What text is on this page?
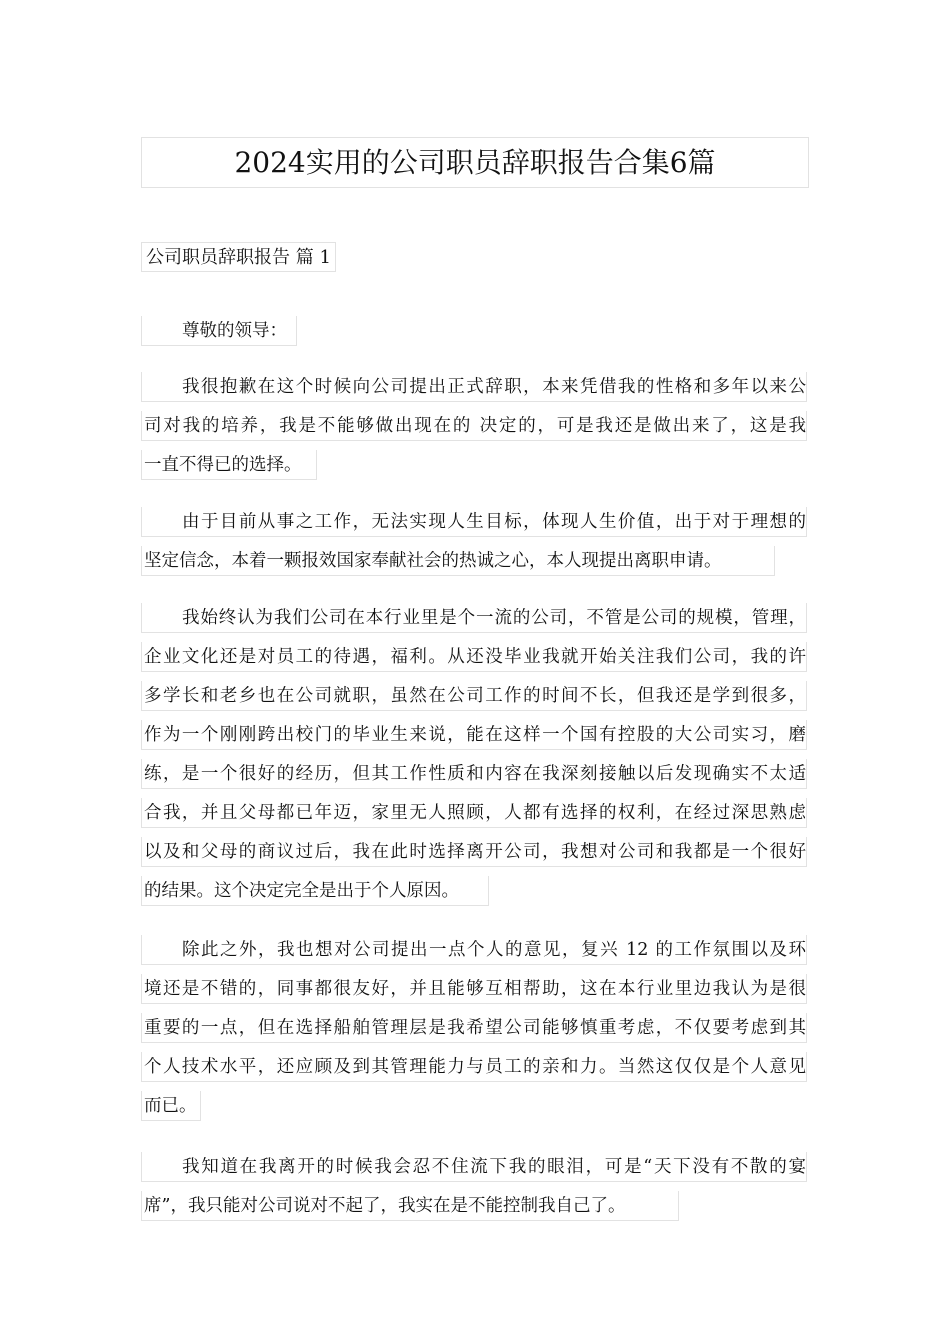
2024实用的公司职员辞职报告合集6篇
公司职员辞职报告 篇 1
尊敬的领导：
我很抱歉在这个时候向公司提出正式辞职，本来凭借我的性格和多年以来公
司对我的培养，我是不能够做出现在的 决定的，可是我还是做出来了，这是我
一直不得已的选择。
由于目前从事之工作，无法实现人生目标，体现人生价值，出于对于理想的
坚定信念，本着一颗报效国家奉献社会的热诚之心，本人现提出离职申请。
我始终认为我们公司在本行业里是个一流的公司，不管是公司的规模，管理，
企业文化还是对员工的待遇，福利。从还没毕业我就开始关注我们公司，我的许
多学长和老乡也在公司就职，虽然在公司工作的时间不长，但我还是学到很多，
作为一个刚刚跨出校门的毕业生来说，能在这样一个国有控股的大公司实习，磨
练，是一个很好的经历，但其工作性质和内容在我深刻接触以后发现确实不太适
合我，并且父母都已年迈，家里无人照顾，人都有选择的权利，在经过深思熟虑
以及和父母的商议过后，我在此时选择离开公司，我想对公司和我都是一个很好
的结果。这个决定完全是出于个人原因。
除此之外，我也想对公司提出一点个人的意见，复兴 12 的工作氛围以及环
境还是不错的，同事都很友好，并且能够互相帮助，这在本行业里边我认为是很
重要的一点，但在选择船舶管理层是我希望公司能够慎重考虑，不仅要考虑到其
个人技术水平，还应顾及到其管理能力与员工的亲和力。当然这仅仅是个人意见
而已。
我知道在我离开的时候我会忍不住流下我的眼泪，可是“天下没有不散的宴
席”，我只能对公司说对不起了，我实在是不能控制我自己了。
